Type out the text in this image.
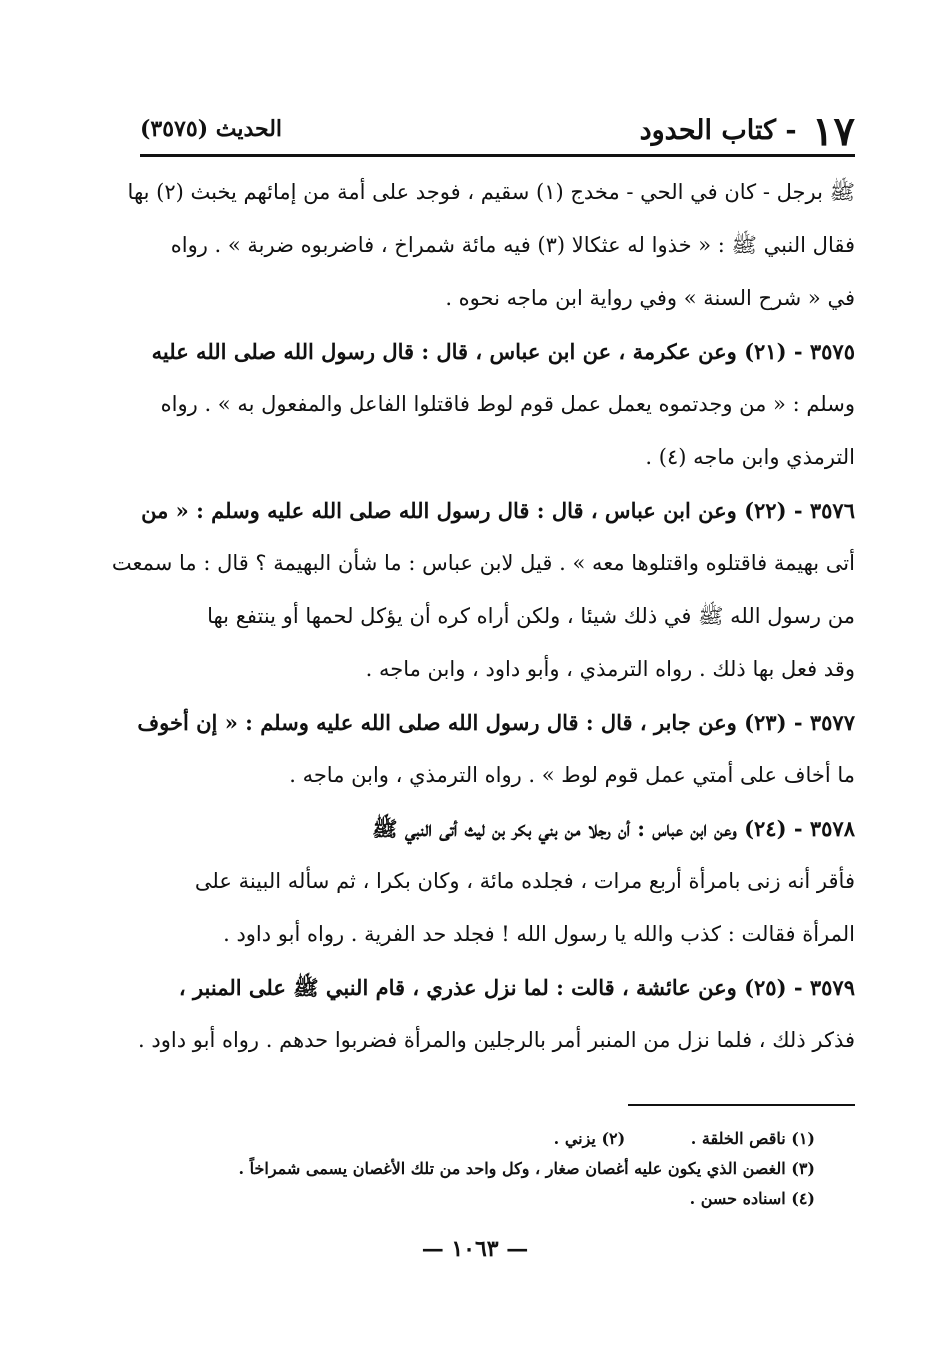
١٧ - كتاب الحدود
الحديث (٣٥٧٥)
ﷺ برجل - كان في الحي - مخدج (١) سقيم ، فوجد على أمة من إمائهم يخبث (٢) بها
فقال النبي ﷺ : « خذوا له عثكالا (٣) فيه مائة شمراخ ، فاضربوه ضربة » . رواه
في « شرح السنة » وفي رواية ابن ماجه نحوه .
٣٥٧٥ - (٢١) وعن عكرمة ، عن ابن عباس ، قال : قال رسول الله صلى الله عليه
وسلم : « من وجدتموه يعمل عمل قوم لوط فاقتلوا الفاعل والمفعول به » . رواه
الترمذي وابن ماجه (٤) .
٣٥٧٦ - (٢٢) وعن ابن عباس ، قال : قال رسول الله صلى الله عليه وسلم : « من
أتى بهيمة فاقتلوه واقتلوها معه » . قيل لابن عباس : ما شأن البهيمة ؟ قال : ما سمعت
من رسول الله ﷺ في ذلك شيئا ، ولكن أراه كره أن يؤكل لحمها أو ينتفع بها
وقد فعل بها ذلك . رواه الترمذي ، وأبو داود ، وابن ماجه .
٣٥٧٧ - (٢٣) وعن جابر ، قال : قال رسول الله صلى الله عليه وسلم : « إن أخوف
ما أخاف على أمتي عمل قوم لوط » . رواه الترمذي ، وابن ماجه .
٣٥٧٨ - (٢٤) وعن ابن عباس : أن رجلا من بني بكر بن ليث أتى النبي ﷺ
فأقر أنه زنى بامرأة أربع مرات ، فجلده مائة ، وكان بكرا ، ثم سأله البينة على
المرأة فقالت : كذب والله يا رسول الله ! فجلد حد الفرية . رواه أبو داود .
٣٥٧٩ - (٢٥) وعن عائشة ، قالت : لما نزل عذري ، قام النبي ﷺ على المنبر ،
فذكر ذلك ، فلما نزل من المنبر أمر بالرجلين والمرأة فضربوا حدهم . رواه أبو داود .
(١) ناقص الخلقة . (٢) يزني .
(٣) الغصن الذي يكون عليه أغصان صغار ، وكل واحد من تلك الأغصان يسمى شمراخاً .
(٤) اسناده حسن .
— ١٠٦٣ —
